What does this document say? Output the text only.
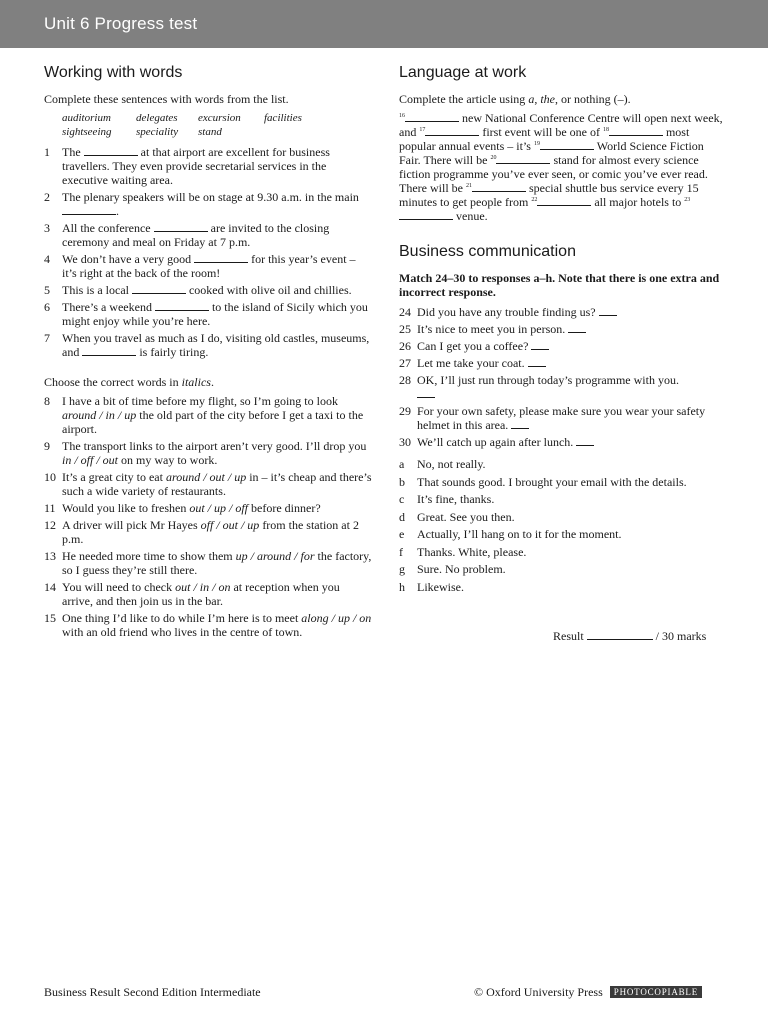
Unit 6 Progress test
Working with words

Complete these sentences with words from the list.

auditorium delegates excursion facilities
sightseeing speciality stand
1 The	at that airport are excellent for business travellers. They even provide secretarial services in the executive waiting area.
2 The plenary speakers will be on stage at 9.30 a.m. in the main .
3 All the conference	are invited to the closing ceremony and meal on Friday at 7 p.m.
4 We don’t have a very good	for this year’s event – it’s right at the back of the room!
5 This is a local	cooked with olive oil and chillies.
6 There’s a weekend	to the island of Sicily which you might enjoy while you’re here.
7 When you travel as much as I do, visiting old castles, museums, and	is fairly tiring.

Choose the correct words in italics.

8 I have a bit of time before my flight, so I’m going to look around / in / up the old part of the city before I get a taxi to the airport.
9 The transport links to the airport aren’t very good. I’ll drop you in / off / out on my way to work.
10 It’s a great city to eat around / out / up in – it’s cheap and there’s such a wide variety of restaurants.
11 Would you like to freshen out / up / off before dinner?
12 A driver will pick Mr Hayes off / out / up from the station at 2 p.m.
13 He needed more time to show them up / around / for the factory, so I guess they’re still there.
14 You will need to check out / in / on at reception when you arrive, and then join us in the bar.
15 One thing I’d like to do while I’m here is to meet along / up / on with an old friend who lives in the centre of town.
Language at work

Complete the article using a, the, or nothing (–).

$^{16}$	new National Conference Centre will open next week, and $^{17}$	first event will be one of $^{18}$	most popular annual events – it’s $^{19}$	World Science Fiction Fair. There will be $^{20}$	stand for almost every science fiction programme you’ve ever seen, or comic you’ve ever read. There will be $^{21}$	special shuttle bus service every 15 minutes to get people from $^{22}$	all major hotels to $^{23}$ venue.

Business communication

Match 24–30 to responses a–h. Note that there is one extra and incorrect response.

24 Did you have any trouble finding us?
25 It’s nice to meet you in person.
26 Can I get you a coffee?
27 Let me take your coat.
28 OK, I’ll just run through today’s programme with you.

29 For your own safety, please make sure you wear your safety helmet in this area.
30 We’ll catch up again after lunch.
a No, not really.
b That sounds good. I brought your email with the details.
c It’s fine, thanks.
d Great. See you then.
e Actually, I’ll hang on to it for the moment.
f Thanks. White, please.
g Sure. No problem.
h Likewise.
Result	/ 30 marks
Business Result Second Edition Intermediate	© Oxford University Press PHOTOCOPIABLE
